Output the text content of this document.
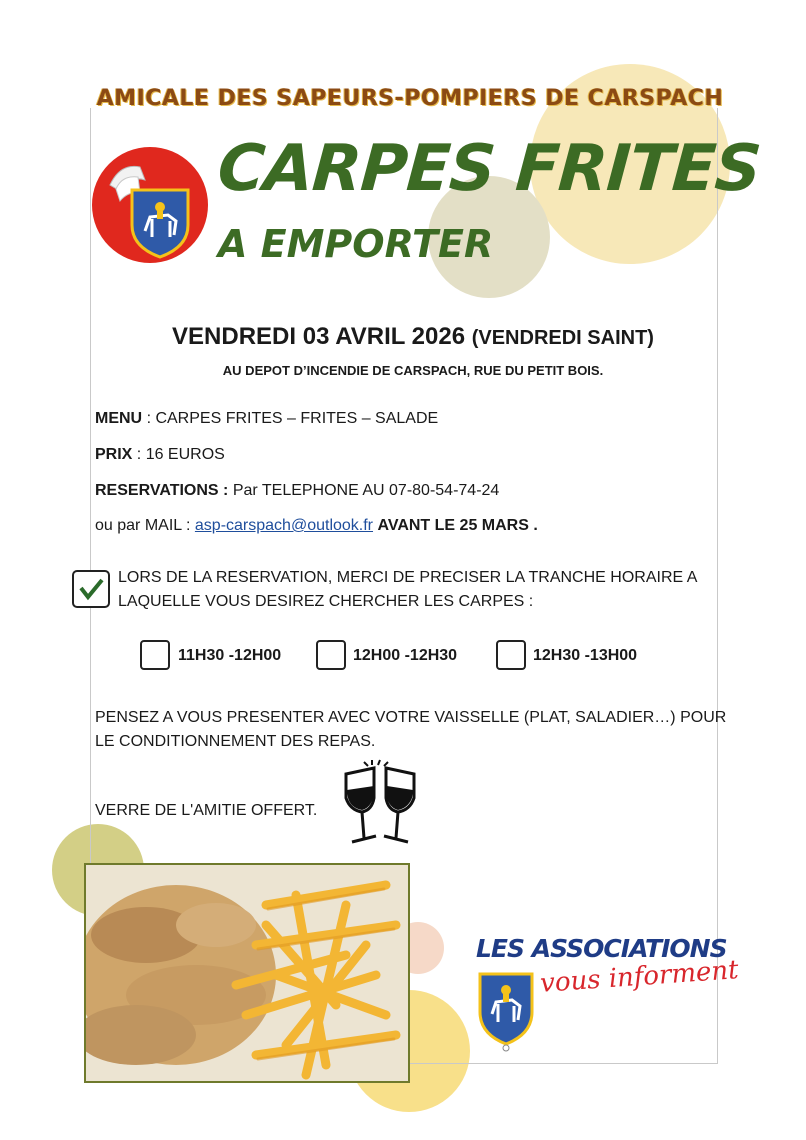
AMICALE DES SAPEURS-POMPIERS DE CARSPACH
CARPES FRITES
A EMPORTER
VENDREDI 03 AVRIL 2026 (VENDREDI SAINT)
AU DEPOT D’INCENDIE DE CARSPACH, RUE DU PETIT BOIS.
MENU : CARPES FRITES – FRITES – SALADE
PRIX : 16 EUROS
RESERVATIONS : Par TELEPHONE AU 07-80-54-74-24
ou par MAIL : asp-carspach@outlook.fr AVANT LE 25 MARS .
LORS DE LA RESERVATION, MERCI DE PRECISER LA TRANCHE HORAIRE A
LAQUELLE VOUS DESIREZ CHERCHER LES CARPES :
11H30 -12H00	12H00 -12H30	12H30 -13H00
PENSEZ A VOUS PRESENTER AVEC VOTRE VAISSELLE (PLAT, SALADIER…) POUR
LE CONDITIONNEMENT DES REPAS.
VERRE DE L'AMITIE OFFERT.
LES ASSOCIATIONS
vous informent
